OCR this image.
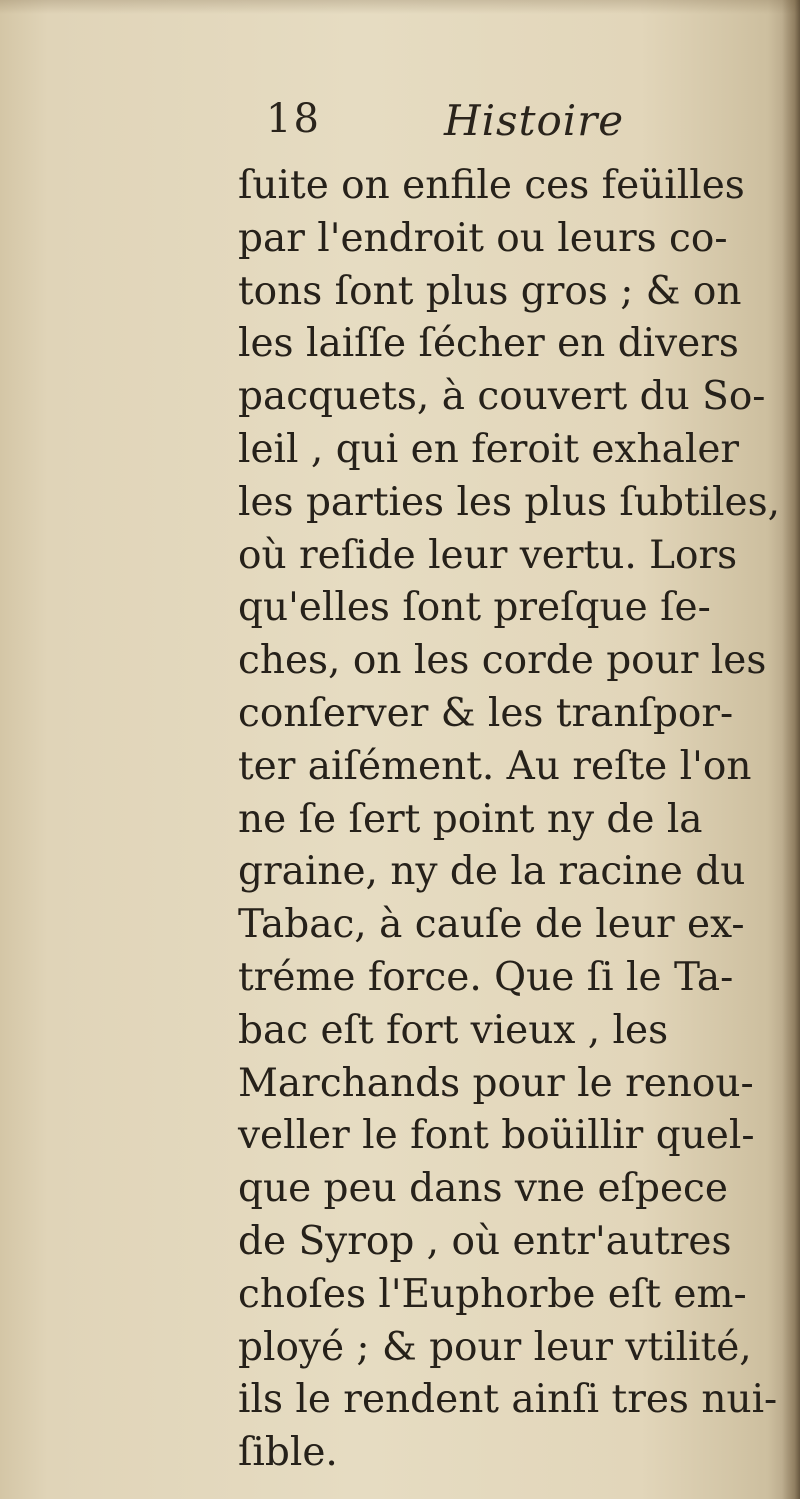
18	Histoire
ſuite on enfile ces feüilles
par l'endroit ou leurs co-
tons ſont plus gros ; & on
les laiſſe ſécher en divers
pacquets, à couvert du So-
leil , qui en feroit exhaler
les parties les plus ſubtiles,
où reſide leur vertu. Lors
qu'elles ſont preſque ſe-
ches, on les corde pour les
conſerver & les tranſpor-
ter aiſément. Au reſte l'on
ne ſe ſert point ny de la
graine, ny de la racine du
Tabac, à cauſe de leur ex-
tréme force. Que ſi le Ta-
bac eſt fort vieux , les
Marchands pour le renou-
veller le font boüillir quel-
que peu dans vne eſpece
de Syrop , où entr'autres
choſes l'Euphorbe eſt em-
ployé ; & pour leur vtilité,
ils le rendent ainſi tres nui-
ſible.
